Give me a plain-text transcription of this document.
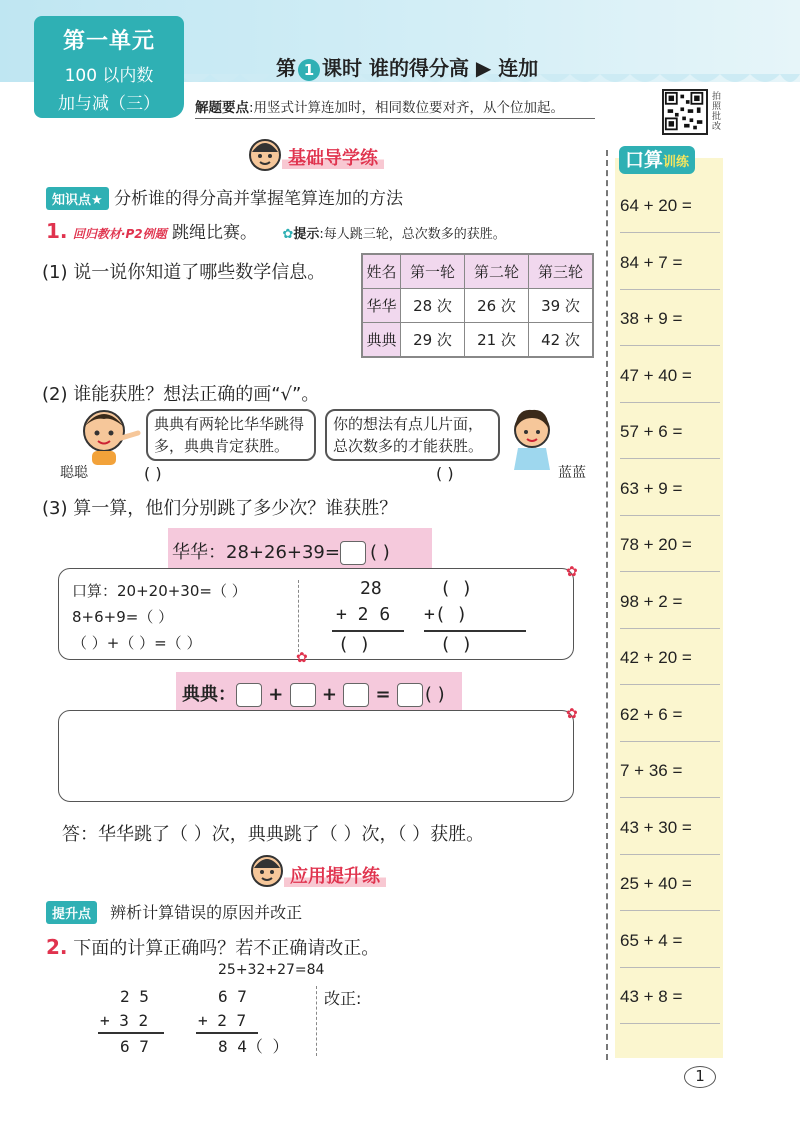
第一单元
100 以内数
加与减（三）
第 1 课时 谁的得分高 ▶ 连加
解题要点:用竖式计算连加时，相同数位要对齐，从个位加起。
拍照批改
口算训练
64 + 20 =
84 + 7 =
38 + 9 =
47 + 40 =
57 + 6 =
63 + 9 =
78 + 20 =
98 + 2 =
42 + 20 =
62 + 6 =
7 + 36 =
43 + 30 =
25 + 40 =
65 + 4 =
43 + 8 =
基础导学练
知识点★ 分析谁的得分高并掌握笔算连加的方法
1. 回归教材·P2例题 跳绳比赛。 ✿提示:每人跳三轮，总次数多的获胜。
(1) 说一说你知道了哪些数学信息。	姓名	第一轮	第二轮	第三轮
华华	28 次	26 次	39 次
典典	29 次	21 次	42 次
(2) 谁能获胜？想法正确的画“√”。
聪聪
典典有两轮比华华跳得多，典典肯定获胜。
你的想法有点儿片面，总次数多的才能获胜。
( )	( )	蓝蓝
(3) 算一算，他们分别跳了多少次？谁获胜？
华华：28+26+39= ( )
口算：20+20+30=（ ）
8+6+9=（ ）
（ ）+（ ）=（ ）
28
+ 2 6
( )
( )
+( )
( )
✿
✿
典典： +  +  = ( )
✿
答：华华跳了（ ）次，典典跳了（ ）次，（ ）获胜。
应用提升练
提升点 辨析计算错误的原因并改正
2. 下面的计算正确吗？若不正确请改正。
25+32+27=84
2 5
+ 3 2
6 7
6 7
+ 2 7
8 4（ ）
改正:
1
